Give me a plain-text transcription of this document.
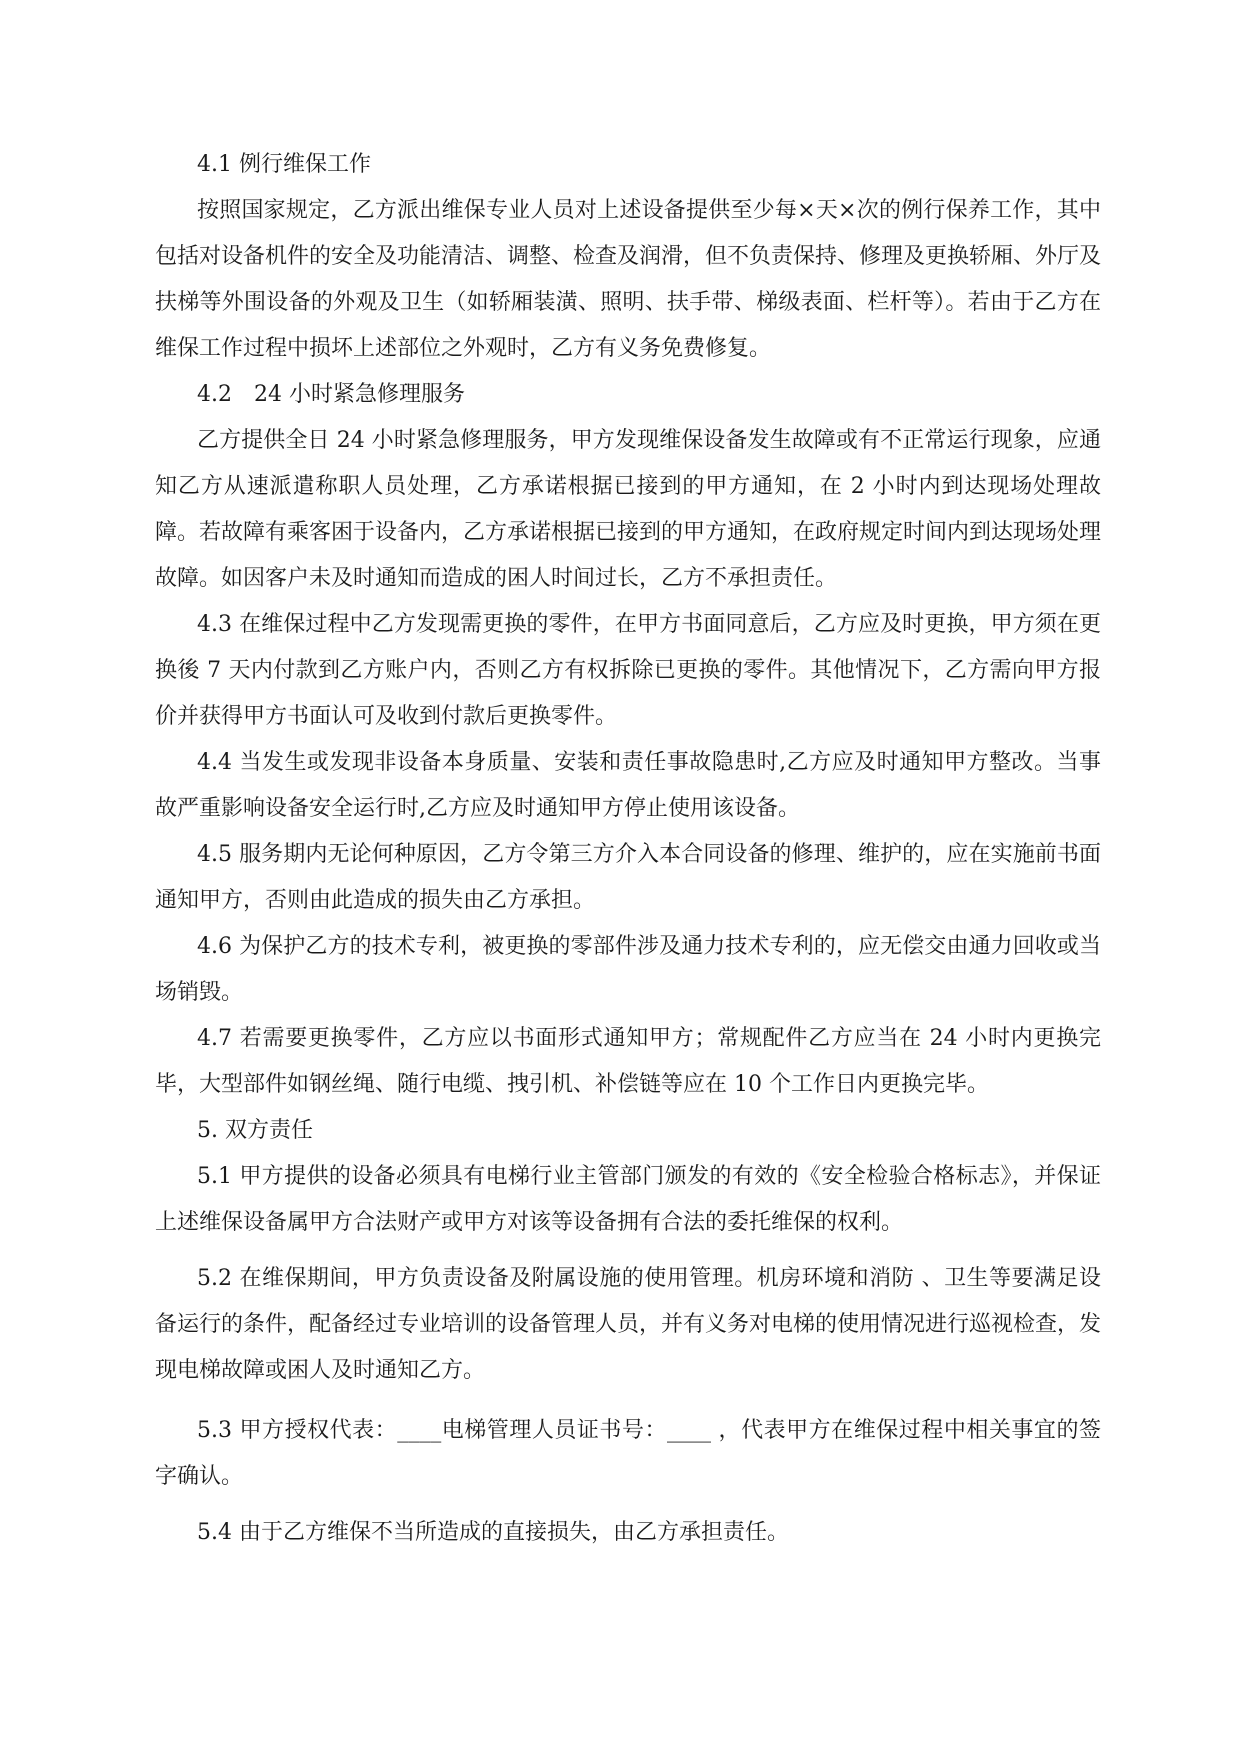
4.1 例行维保工作

按照国家规定，乙方派出维保专业人员对上述设备提供至少每×天×次的例行保养工作，其中包括对设备机件的安全及功能清洁、调整、检查及润滑，但不负责保持、修理及更换轿厢、外厅及扶梯等外围设备的外观及卫生（如轿厢装潢、照明、扶手带、梯级表面、栏杆等）。若由于乙方在维保工作过程中损坏上述部位之外观时，乙方有义务免费修复。

4.2　24 小时紧急修理服务

乙方提供全日 24 小时紧急修理服务，甲方发现维保设备发生故障或有不正常运行现象，应通知乙方从速派遣称职人员处理，乙方承诺根据已接到的甲方通知，在 2 小时内到达现场处理故障。若故障有乘客困于设备内，乙方承诺根据已接到的甲方通知，在政府规定时间内到达现场处理故障。如因客户未及时通知而造成的困人时间过长，乙方不承担责任。

4.3 在维保过程中乙方发现需更换的零件，在甲方书面同意后，乙方应及时更换，甲方须在更换後 7 天内付款到乙方账户内，否则乙方有权拆除已更换的零件。其他情况下，乙方需向甲方报价并获得甲方书面认可及收到付款后更换零件。

4.4 当发生或发现非设备本身质量、安装和责任事故隐患时,乙方应及时通知甲方整改。当事故严重影响设备安全运行时,乙方应及时通知甲方停止使用该设备。

4.5 服务期内无论何种原因，乙方令第三方介入本合同设备的修理、维护的，应在实施前书面通知甲方，否则由此造成的损失由乙方承担。

4.6 为保护乙方的技术专利，被更换的零部件涉及通力技术专利的，应无偿交由通力回收或当场销毁。

4.7 若需要更换零件，乙方应以书面形式通知甲方；常规配件乙方应当在 24 小时内更换完毕，大型部件如钢丝绳、随行电缆、拽引机、补偿链等应在 10 个工作日内更换完毕。

5. 双方责任

5.1 甲方提供的设备必须具有电梯行业主管部门颁发的有效的《安全检验合格标志》，并保证上述维保设备属甲方合法财产或甲方对该等设备拥有合法的委托维保的权利。

5.2 在维保期间，甲方负责设备及附属设施的使用管理。机房环境和消防 、卫生等要满足设备运行的条件，配备经过专业培训的设备管理人员，并有义务对电梯的使用情况进行巡视检查，发现电梯故障或困人及时通知乙方。

5.3 甲方授权代表：____电梯管理人员证书号：____ ，代表甲方在维保过程中相关事宜的签字确认。

5.4 由于乙方维保不当所造成的直接损失，由乙方承担责任。
